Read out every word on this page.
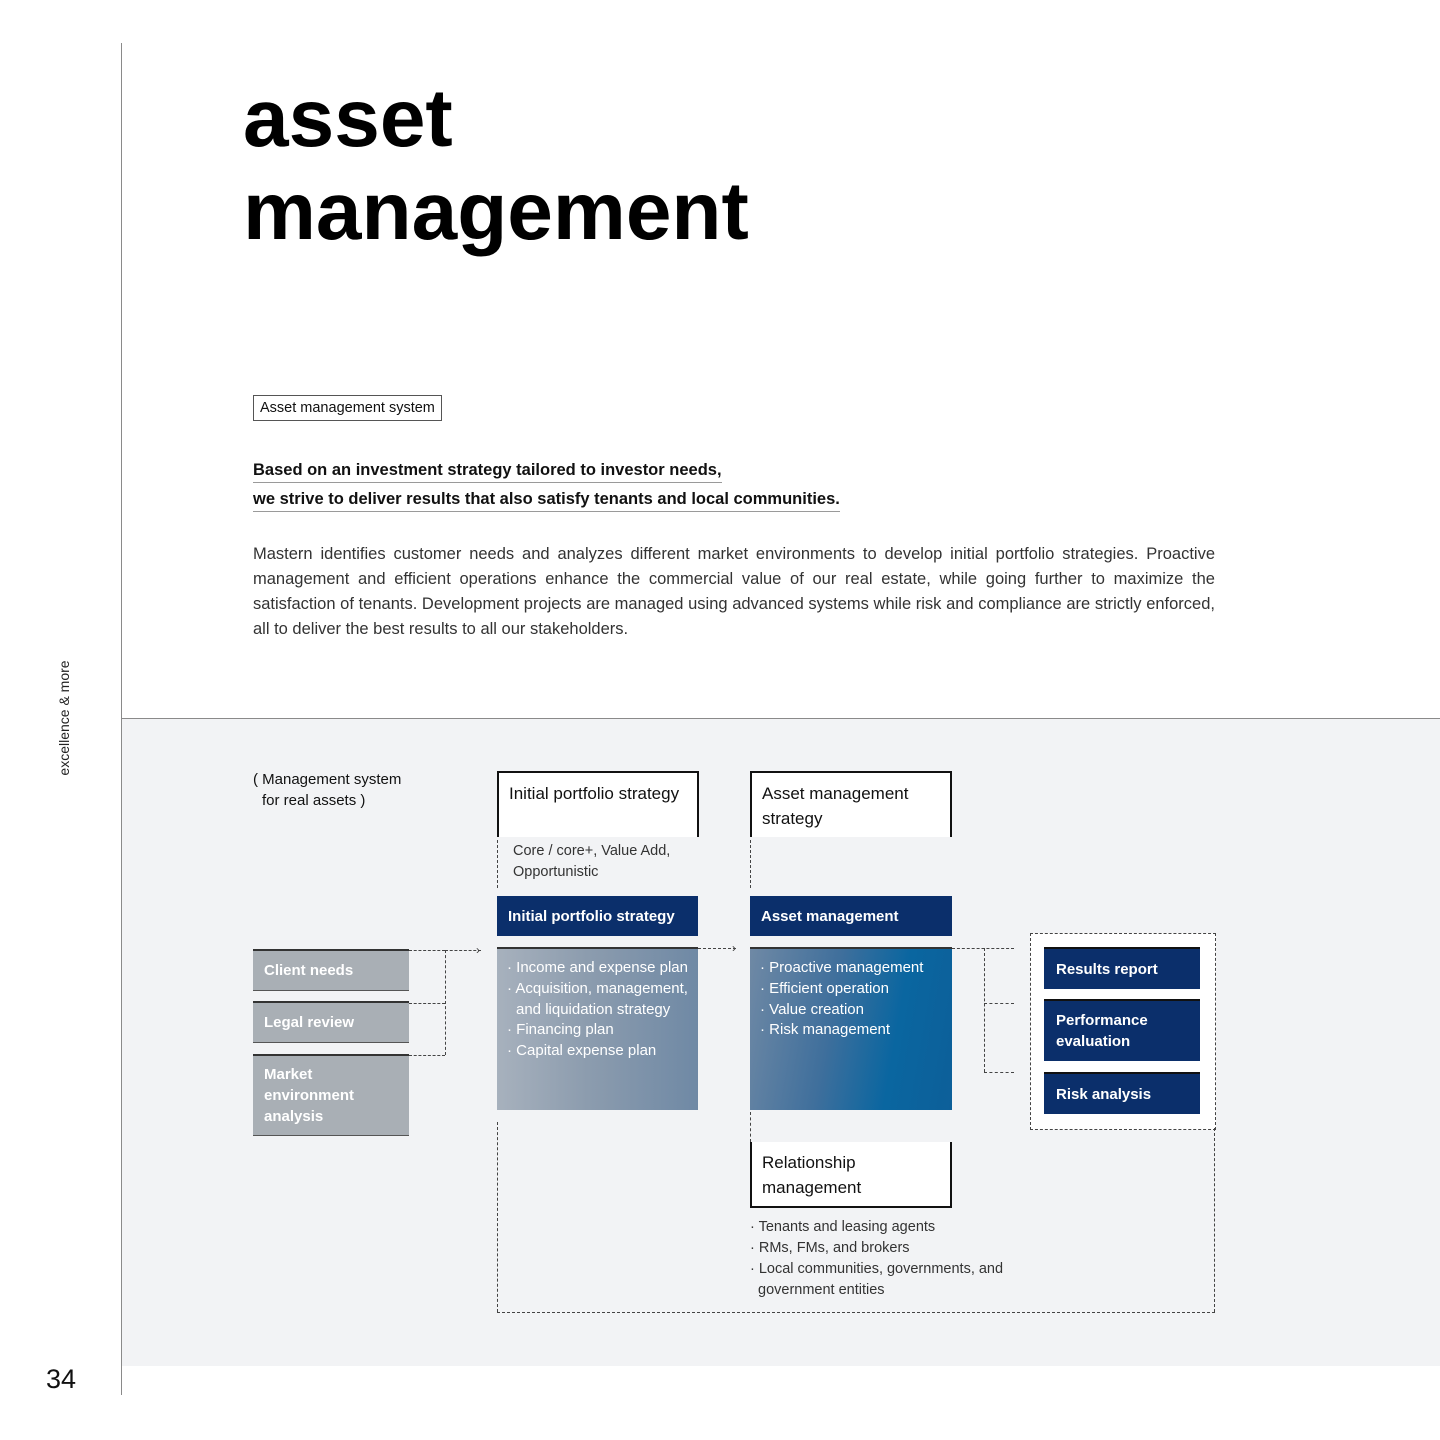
excellence & more
34
asset
management
Asset management system
Based on an investment strategy tailored to investor needs,
we strive to deliver results that also satisfy tenants and local communities.
Mastern identifies customer needs and analyzes different market environments to develop initial portfolio strategies. Proactive management and efficient operations enhance the commercial value of our real estate, while going further to maximize the satisfaction of tenants. Development projects are managed using advanced systems while risk and compliance are strictly enforced, all to deliver the best results to all our stakeholders.
( Management system
for real assets )	Initial portfolio strategy
Core / core+, Value Add, Opportunistic
Initial portfolio strategy
· Income and expense plan
· Acquisition, management, and liquidation strategy
· Financing plan
· Capital expense plan
Asset management strategy
Asset management
· Proactive management
· Efficient operation
· Value creation
· Risk management
Client needs
Legal review
Market environment analysis
›	›
Results report
Performance evaluation
Risk analysis
Relationship management
· Tenants and leasing agents
· RMs, FMs, and brokers
· Local communities, governments, and government entities
